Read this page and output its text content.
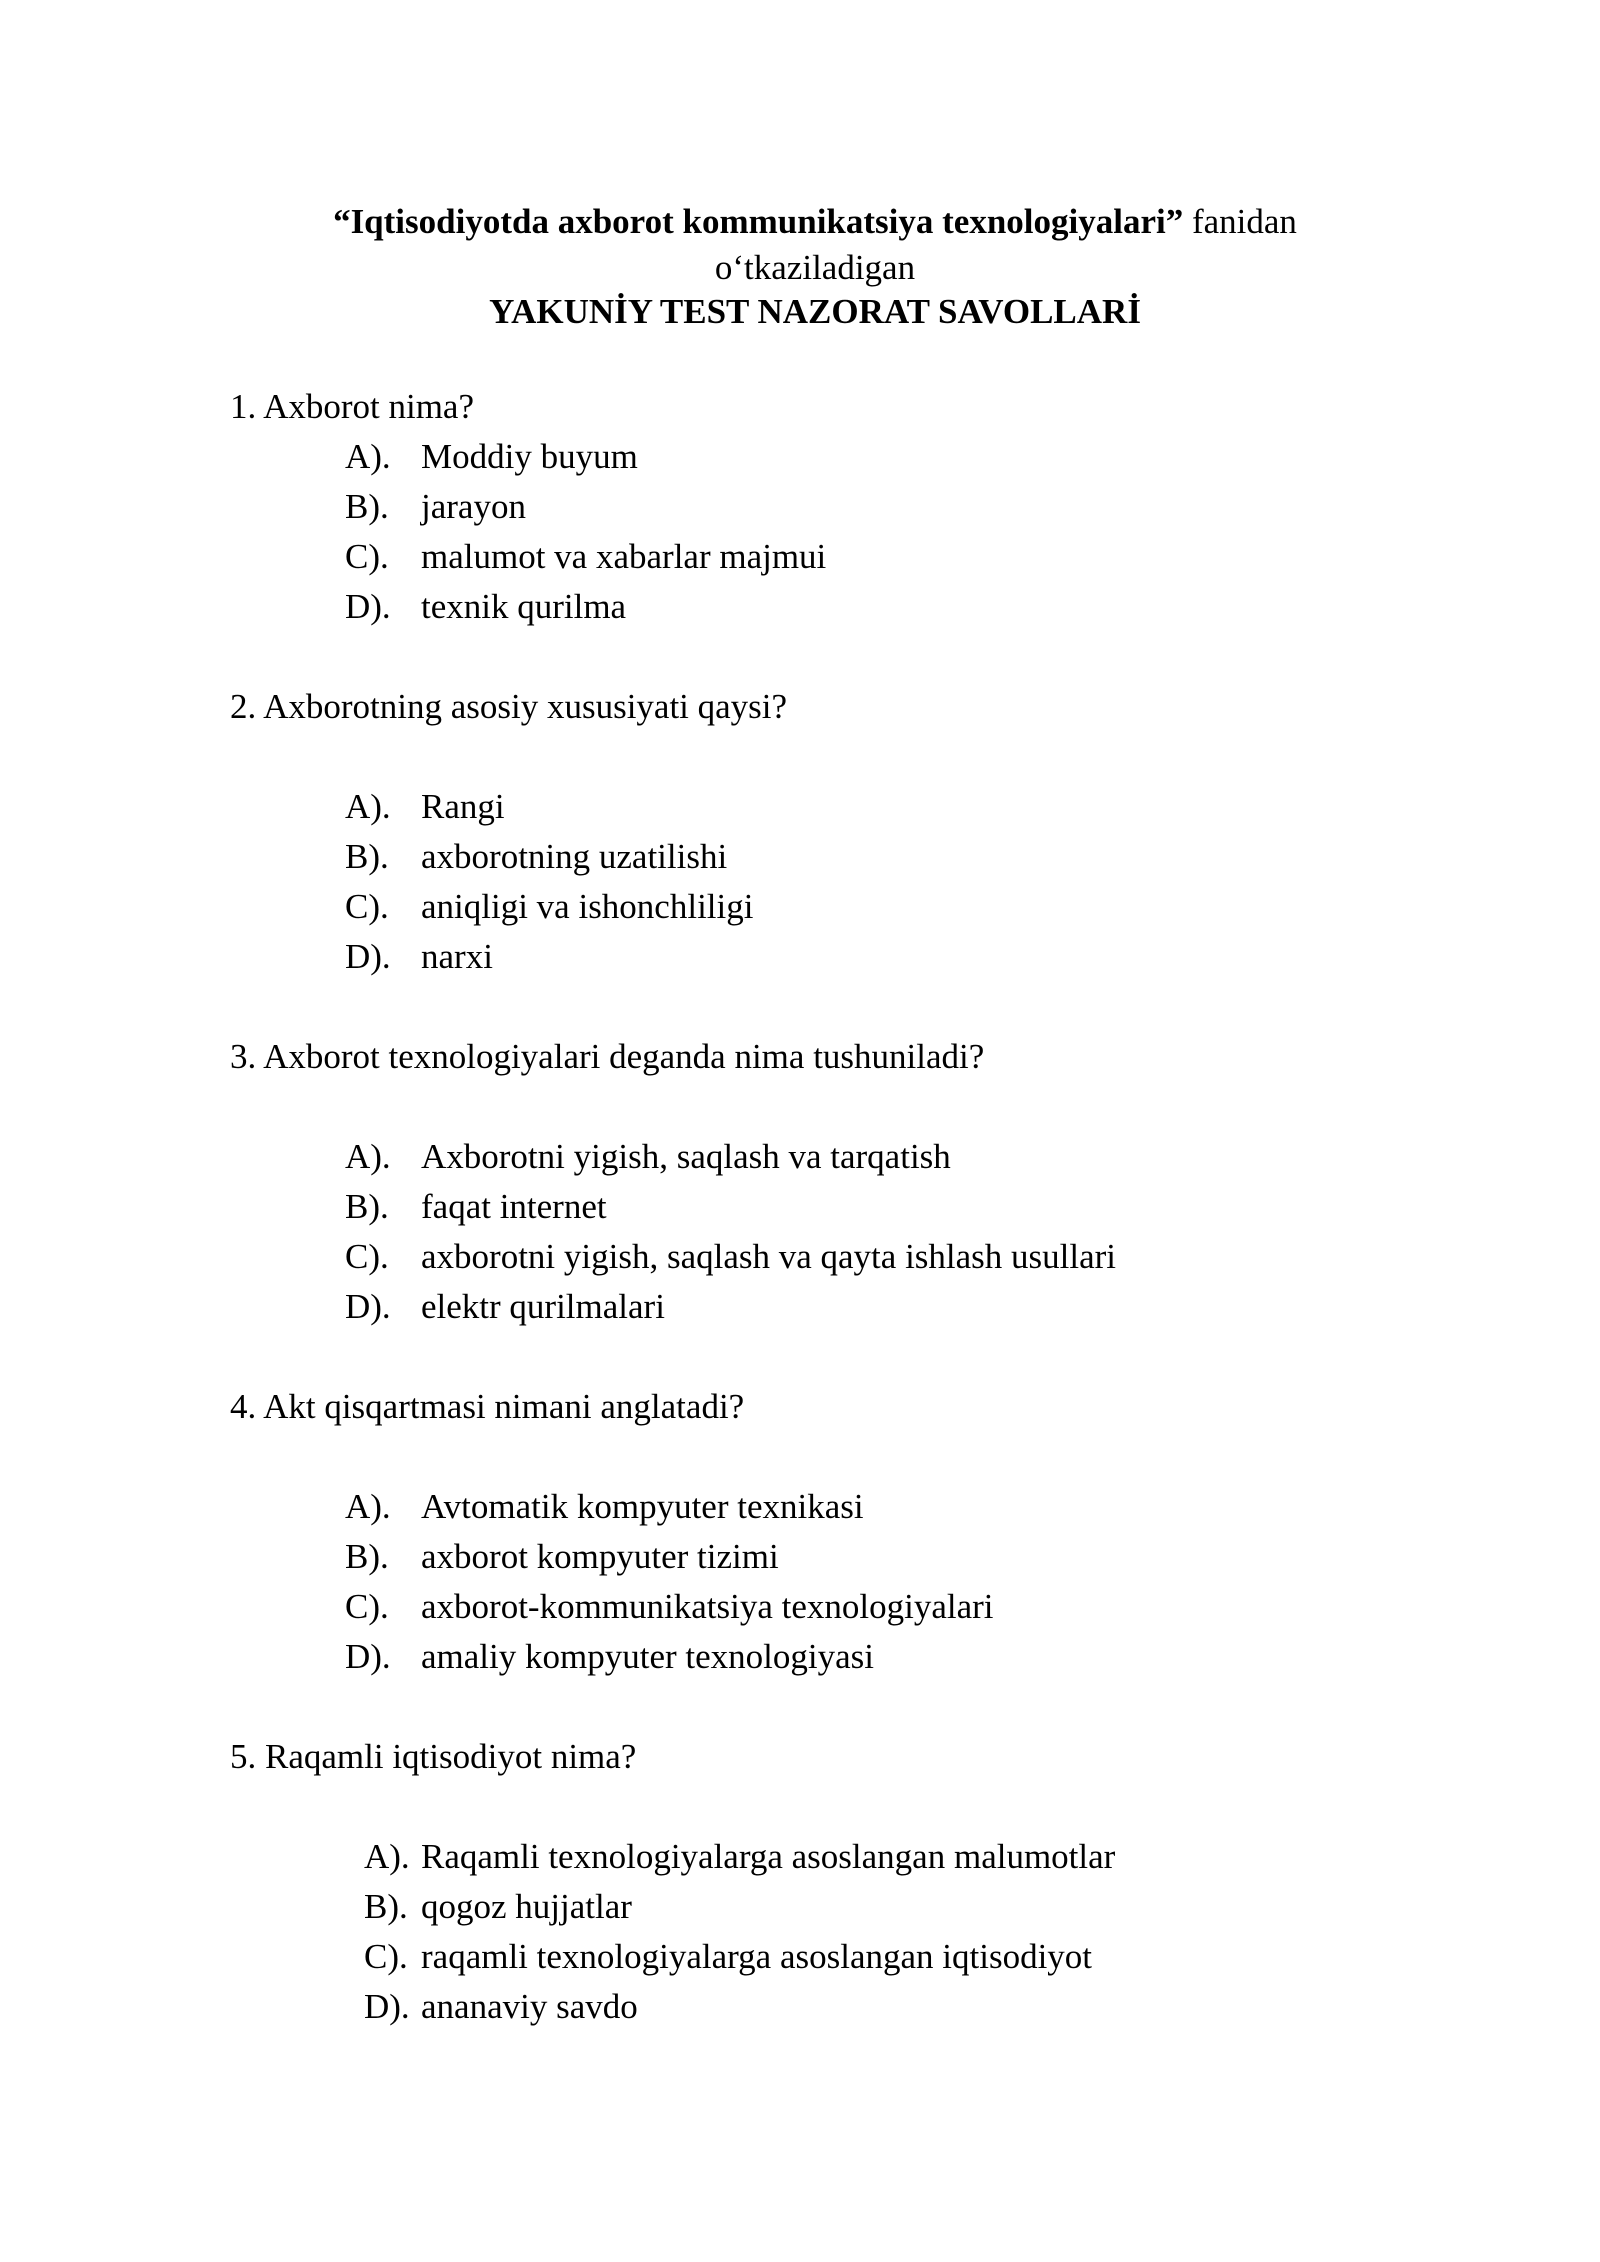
“Iqtisodiyotda axborot kommunikatsiya texnologiyalari” fanidan
o‘tkaziladigan
YAKUNİY TEST NAZORAT SAVOLLARİ
1. Axborot nima?
A). Moddiy buyum
B). jarayon
C). malumot va xabarlar majmui
D). texnik qurilma
2. Axborotning asosiy xususiyati qaysi?
A). Rangi
B). axborotning uzatilishi
C). aniqligi va ishonchliligi
D). narxi
3. Axborot texnologiyalari deganda nima tushuniladi?
A). Axborotni yigish, saqlash va tarqatish
B). faqat internet
C). axborotni yigish, saqlash va qayta ishlash usullari
D). elektr qurilmalari
4. Akt qisqartmasi nimani anglatadi?
A). Avtomatik kompyuter texnikasi
B). axborot kompyuter tizimi
C). axborot-kommunikatsiya texnologiyalari
D). amaliy kompyuter texnologiyasi
5. Raqamli iqtisodiyot nima?
A). Raqamli texnologiyalarga asoslangan malumotlar
B). qogoz hujjatlar
C). raqamli texnologiyalarga asoslangan iqtisodiyot
D). ananaviy savdo
